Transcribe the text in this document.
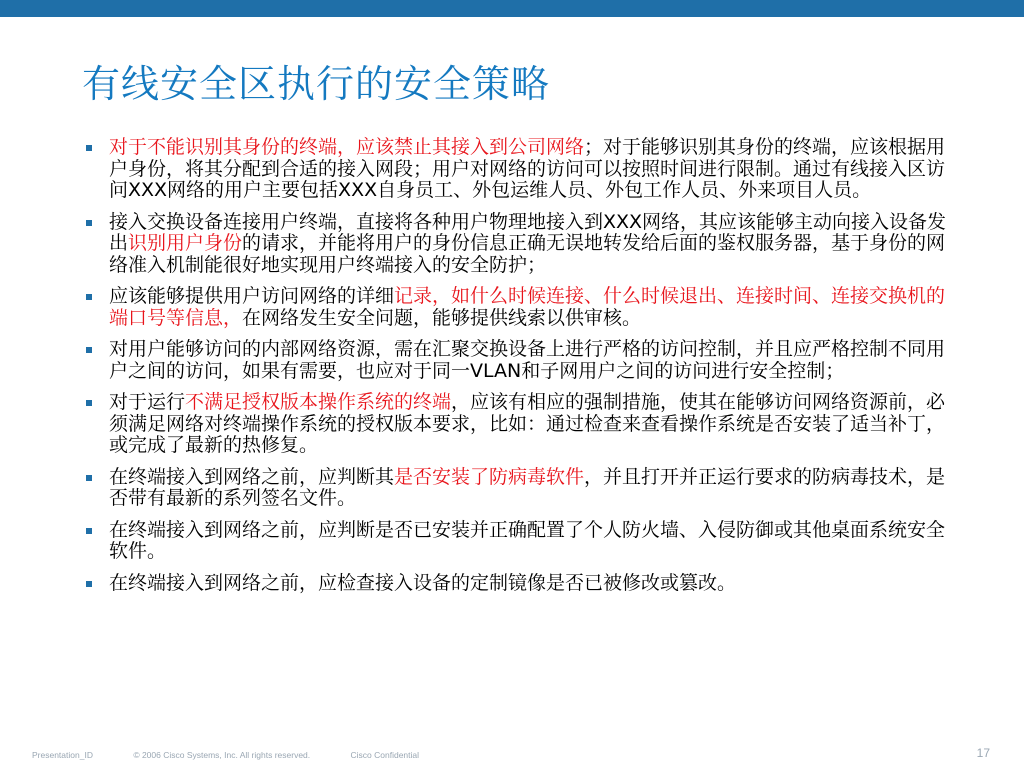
有线安全区执行的安全策略
对于不能识别其身份的终端，应该禁止其接入到公司网络；对于能够识别其身份的终端，应该根据用户身份，将其分配到合适的接入网段；用户对网络的访问可以按照时间进行限制。通过有线接入区访问XXX网络的用户主要包括XXX自身员工、外包运维人员、外包工作人员、外来项目人员。
接入交换设备连接用户终端，直接将各种用户物理地接入到XXX网络，其应该能够主动向接入设备发出识别用户身份的请求，并能将用户的身份信息正确无误地转发给后面的鉴权服务器，基于身份的网络准入机制能很好地实现用户终端接入的安全防护；
应该能够提供用户访问网络的详细记录，如什么时候连接、什么时候退出、连接时间、连接交换机的端口号等信息，在网络发生安全问题，能够提供线索以供审核。
对用户能够访问的内部网络资源，需在汇聚交换设备上进行严格的访问控制，并且应严格控制不同用户之间的访问，如果有需要，也应对于同一VLAN和子网用户之间的访问进行安全控制；
对于运行不满足授权版本操作系统的终端，应该有相应的强制措施，使其在能够访问网络资源前，必须满足网络对终端操作系统的授权版本要求，比如：通过检查来查看操作系统是否安装了适当补丁，或完成了最新的热修复。
在终端接入到网络之前，应判断其是否安装了防病毒软件，并且打开并正运行要求的防病毒技术，是否带有最新的系列签名文件。
在终端接入到网络之前，应判断是否已安装并正确配置了个人防火墙、入侵防御或其他桌面系统安全软件。
在终端接入到网络之前，应检查接入设备的定制镜像是否已被修改或篡改。
Presentation_ID	© 2006 Cisco Systems, Inc. All rights reserved.	Cisco Confidential	17
